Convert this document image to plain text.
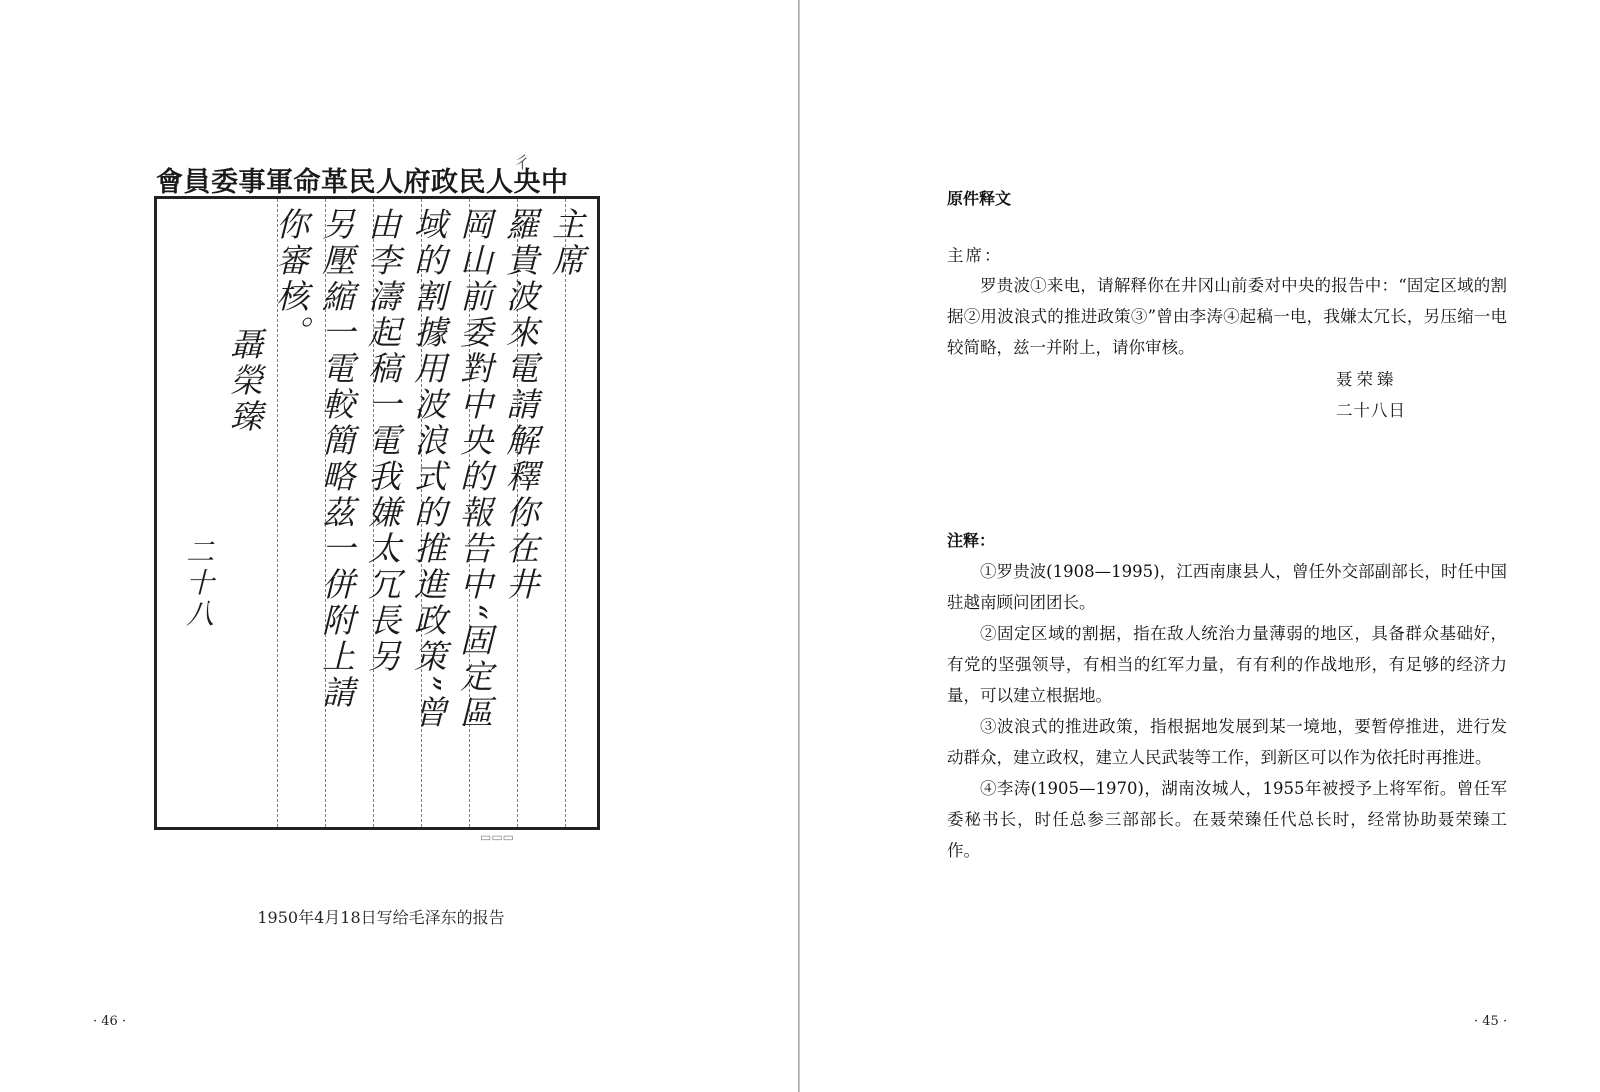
彳
中央人民政府人民革命軍事委員會
主席
羅貴波來電請解釋你在井
岡山前委對中央的報告中“固定區
域的割據用波浪式的推進政策”曾
由李濤起稿一電我嫌太冗長另
另壓縮一電較簡略茲一併附上請
你審核。
聶榮臻
二十八
▭▭▭
1950年4月18日写给毛泽东的报告
· 46 ·
原件释文
主席：
罗贵波①来电，请解释你在井冈山前委对中央的报告中：“固定区域的割据②用波浪式的推进政策③”曾由李涛④起稿一电，我嫌太冗长，另压缩一电较简略，兹一并附上，请你审核。
聂荣臻
二十八日
注释：

①罗贵波(1908—1995)，江西南康县人，曾任外交部副部长，时任中国驻越南顾问团团长。

②固定区域的割据，指在敌人统治力量薄弱的地区，具备群众基础好，有党的坚强领导，有相当的红军力量，有有利的作战地形，有足够的经济力量，可以建立根据地。

③波浪式的推进政策，指根据地发展到某一境地，要暂停推进，进行发动群众，建立政权，建立人民武装等工作，到新区可以作为依托时再推进。

④李涛(1905—1970)，湖南汝城人，1955年被授予上将军衔。曾任军委秘书长，时任总参三部部长。在聂荣臻任代总长时，经常协助聂荣臻工作。

· 45 ·
